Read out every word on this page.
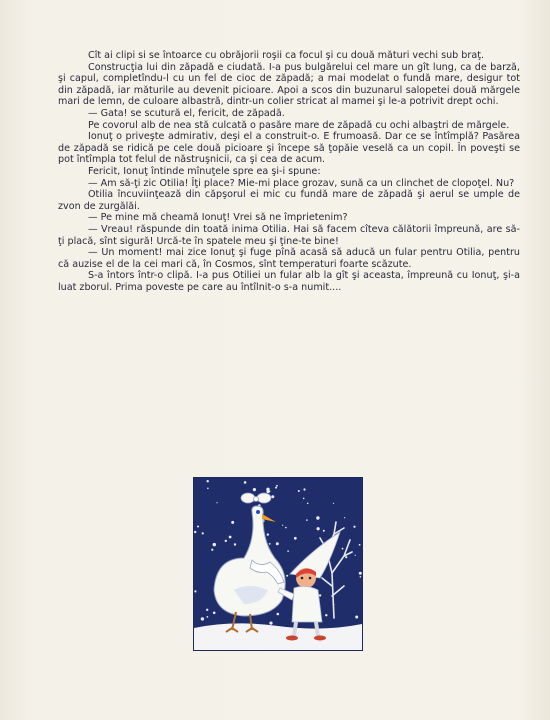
Cît ai clipi si se întoarce cu obrăjorii roşii ca focul şi cu două mături vechi sub braţ.

Construcţia lui din zăpadă e ciudată. I-a pus bulgărelui cel mare un gît lung, ca de barză, şi capul, completîndu-l cu un fel de cioc de zăpadă; a mai modelat o fundă mare, desigur tot din zăpadă, iar măturile au devenit picioare. Apoi a scos din buzunarul salopetei două mărgele mari de lemn, de culoare albastră, dintr-un colier stricat al mamei şi le-a potrivit drept ochi.

— Gata! se scutură el, fericit, de zăpadă.

Pe covorul alb de nea stă culcată o pasăre mare de zăpadă cu ochi albaştri de mărgele.

Ionuţ o priveşte admirativ, deşi el a construit-o. E frumoasă. Dar ce se întîmplă? Pasărea de zăpadă se ridică pe cele două picioare şi începe să ţopăie veselă ca un copil. În poveşti se pot întîmpla tot felul de năstruşnicii, ca şi cea de acum.

Fericit, Ionuţ întinde mînuţele spre ea şi-i spune:

— Am să-ţi zic Otilia! Îţi place? Mie-mi place grozav, sună ca un clinchet de clopoţel. Nu?

Otilia încuviinţează din căpşorul ei mic cu fundă mare de zăpadă şi aerul se umple de zvon de zurgălăi.

— Pe mine mă cheamă Ionuţ! Vrei să ne împrietenim?

— Vreau! răspunde din toată inima Otilia. Hai să facem cîteva călătorii împreună, are să-ţi placă, sînt sigură! Urcă-te în spatele meu şi ţine-te bine!

— Un moment! mai zice Ionuţ şi fuge pînă acasă să aducă un fular pentru Otilia, pentru că auzise el de la cei mari că, în Cosmos, sînt temperaturi foarte scăzute.

S-a întors într-o clipă. I-a pus Otiliei un fular alb la gît şi aceasta, împreună cu Ionuţ, şi-a luat zborul. Prima poveste pe care au întîlnit-o s-a numit....
